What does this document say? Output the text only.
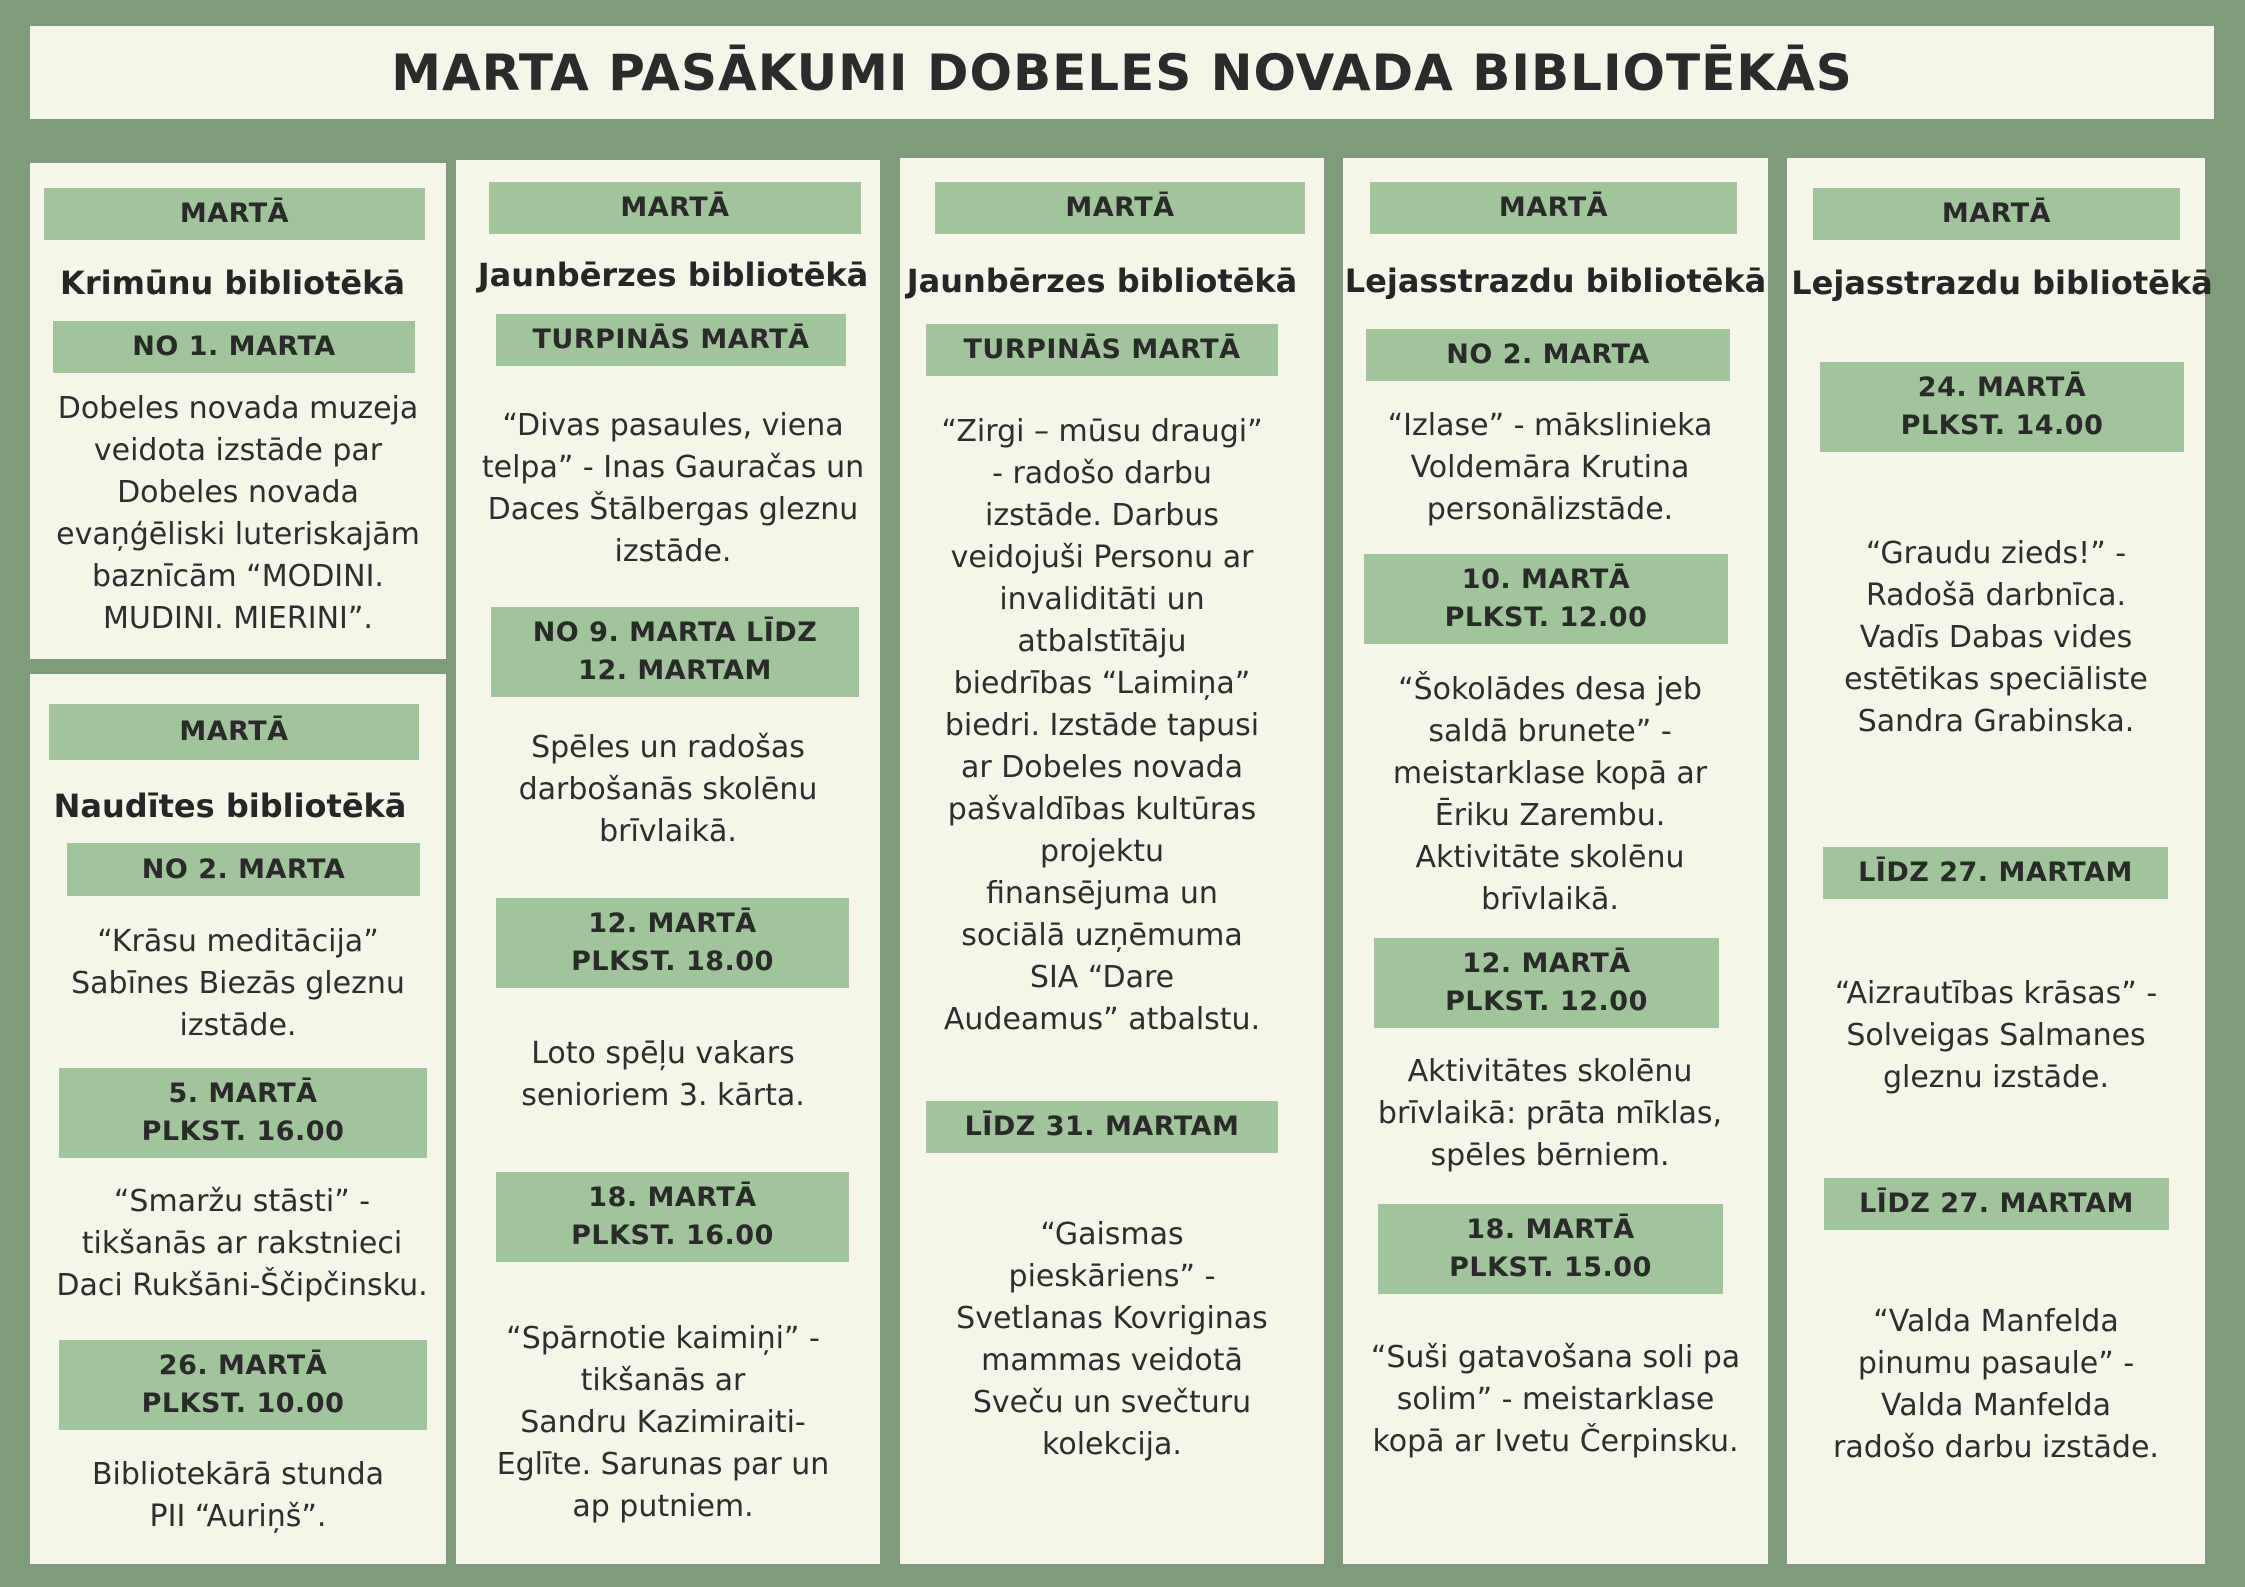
MARTA PASĀKUMI DOBELES NOVADA BIBLIOTĒKĀS
MARTĀ
Krimūnu bibliotēkā
NO 1. MARTA
Dobeles novada muzeja
veidota izstāde par
Dobeles novada
evaņģēliski luteriskajām
baznīcām “MODINI.
MUDINI. MIERINI”.
MARTĀ
Naudītes bibliotēkā
NO 2. MARTA
“Krāsu meditācija”
Sabīnes Biezās gleznu
izstāde.
5. MARTĀ
PLKST. 16.00
“Smaržu stāsti” -
tikšanās ar rakstnieci
Daci Rukšāni-Ščipčinsku.
26. MARTĀ
PLKST. 10.00
Bibliotekārā stunda
PII “Auriņš”.
MARTĀ
Jaunbērzes bibliotēkā
TURPINĀS MARTĀ
“Divas pasaules, viena
telpa” - Inas Gauračas un
Daces Štālbergas gleznu
izstāde.
NO 9. MARTA LĪDZ
12. MARTAM
Spēles un radošas
darbošanās skolēnu
brīvlaikā.
12. MARTĀ
PLKST. 18.00
Loto spēļu vakars
senioriem 3. kārta.
18. MARTĀ
PLKST. 16.00
“Spārnotie kaimiņi” -
tikšanās ar
Sandru Kazimiraiti-
Eglīte. Sarunas par un
ap putniem.
MARTĀ
Jaunbērzes bibliotēkā
TURPINĀS MARTĀ
“Zirgi – mūsu draugi”
- radošo darbu
izstāde. Darbus
veidojuši Personu ar
invaliditāti un
atbalstītāju
biedrības “Laimiņa”
biedri. Izstāde tapusi
ar Dobeles novada
pašvaldības kultūras
projektu
finansējuma un
sociālā uzņēmuma
SIA “Dare
Audeamus” atbalstu.
LĪDZ 31. MARTAM
“Gaismas
pieskāriens” -
Svetlanas Kovriginas
mammas veidotā
Sveču un svečturu
kolekcija.
MARTĀ
Lejasstrazdu bibliotēkā
NO 2. MARTA
“Izlase” - mākslinieka
Voldemāra Krutina
personālizstāde.
10. MARTĀ
PLKST. 12.00
“Šokolādes desa jeb
saldā brunete” -
meistarklase kopā ar
Ēriku Zarembu.
Aktivitāte skolēnu
brīvlaikā.
12. MARTĀ
PLKST. 12.00
Aktivitātes skolēnu
brīvlaikā: prāta mīklas,
spēles bērniem.
18. MARTĀ
PLKST. 15.00
“Suši gatavošana soli pa
solim” - meistarklase
kopā ar Ivetu Čerpinsku.
MARTĀ
Lejasstrazdu bibliotēkā
24. MARTĀ
PLKST. 14.00
“Graudu zieds!” -
Radošā darbnīca.
Vadīs Dabas vides
estētikas speciāliste
Sandra Grabinska.
LĪDZ 27. MARTAM
“Aizrautības krāsas” -
Solveigas Salmanes
gleznu izstāde.
LĪDZ 27. MARTAM
“Valda Manfelda
pinumu pasaule” -
Valda Manfelda
radošo darbu izstāde.
